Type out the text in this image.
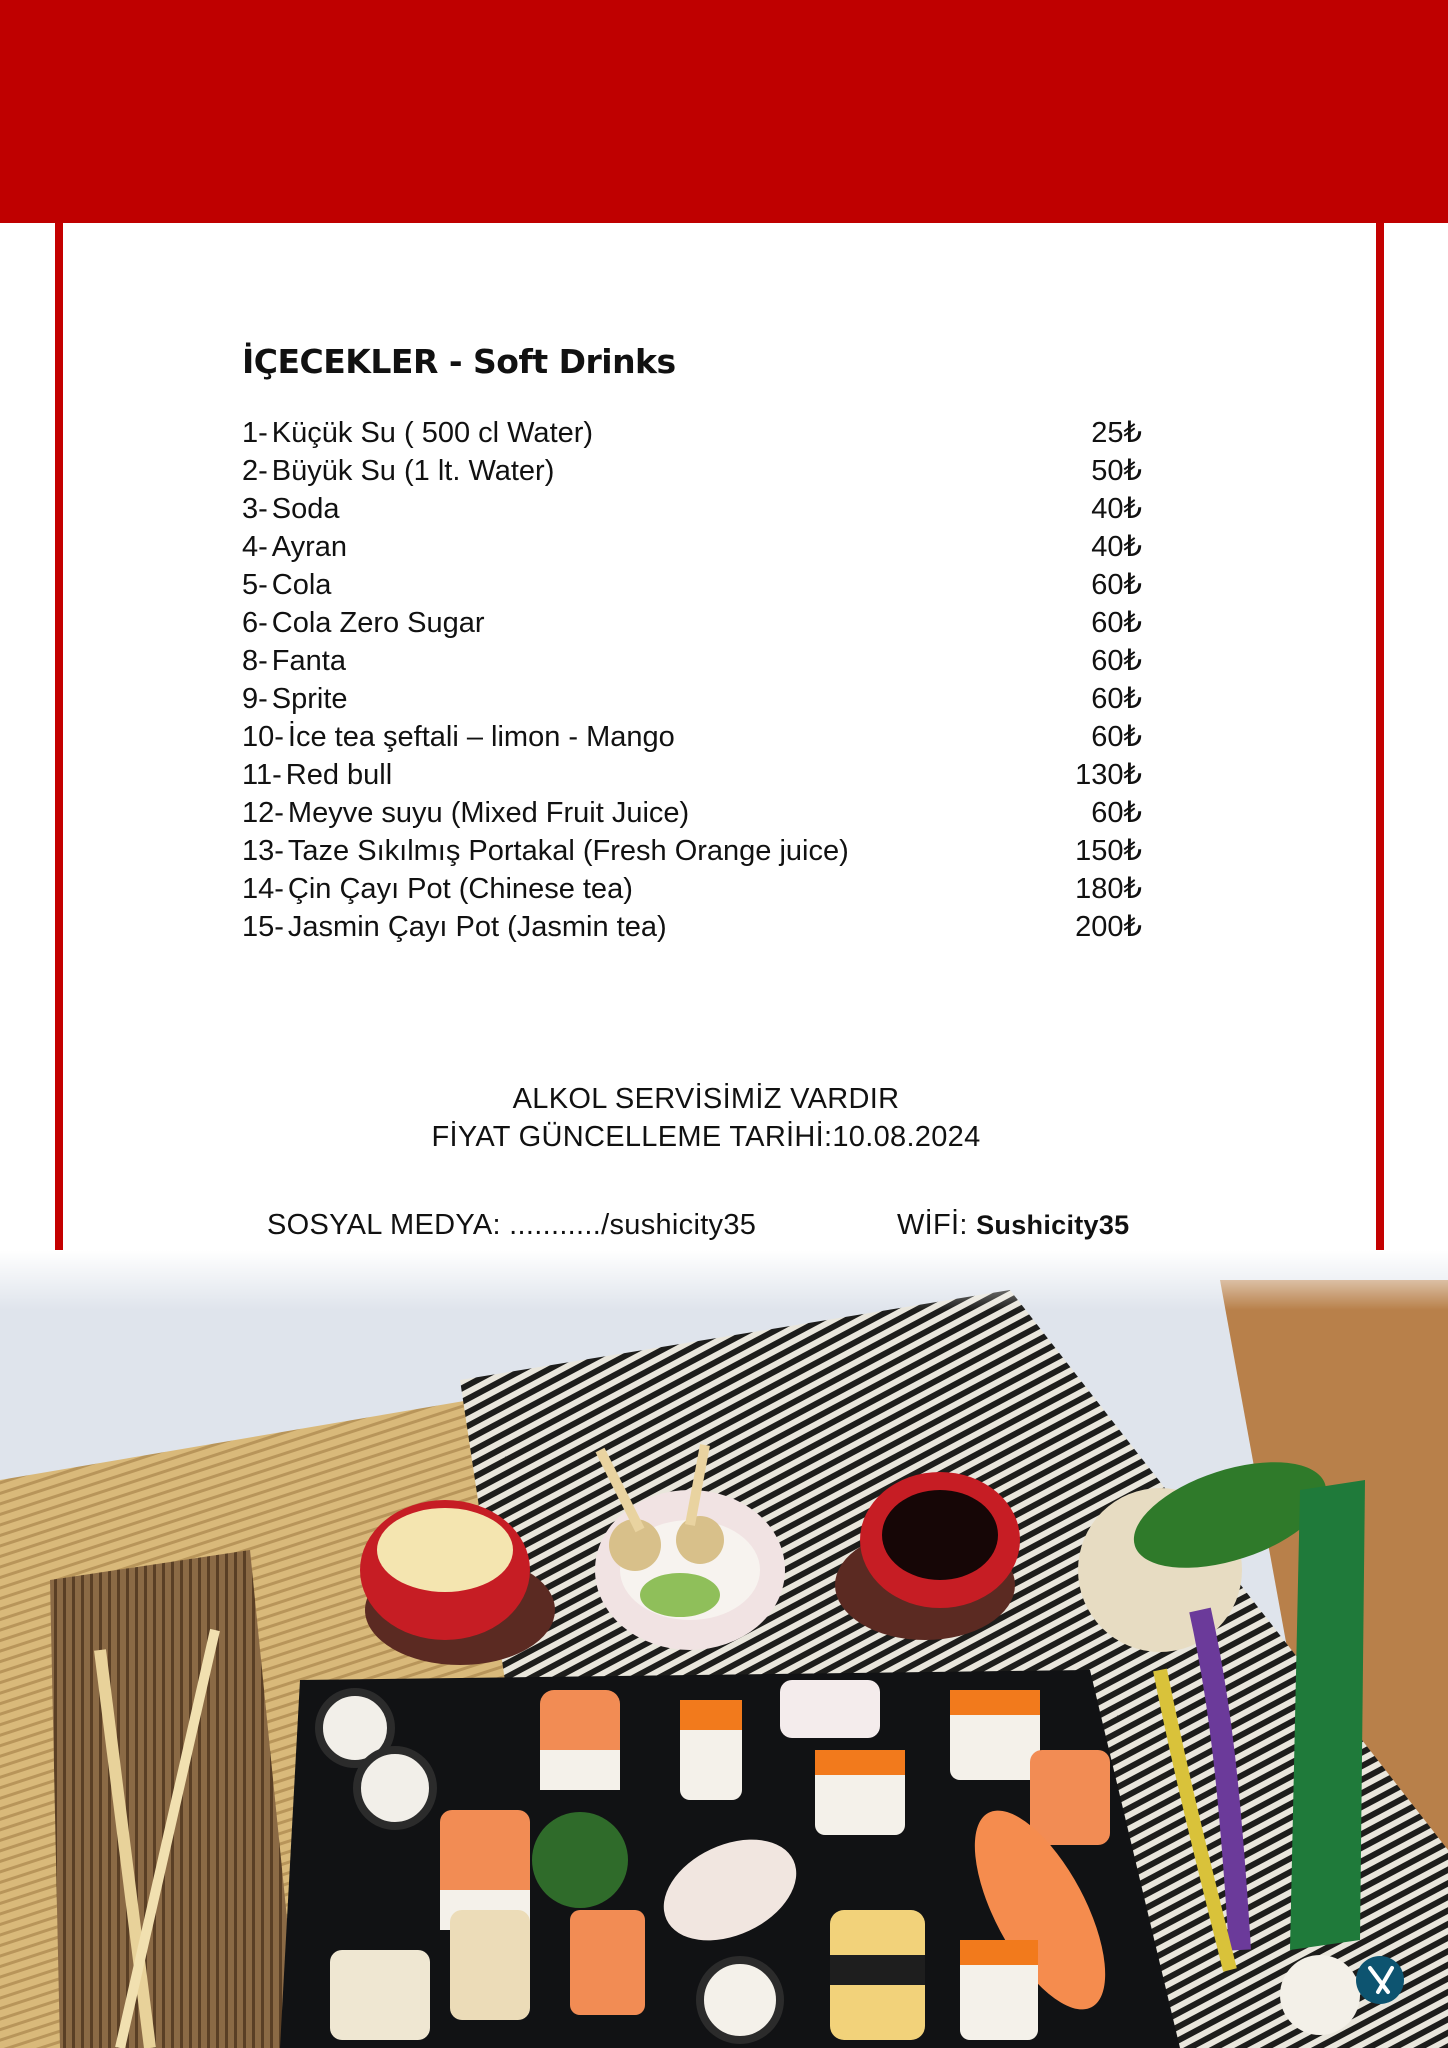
İÇECEKLER - Soft Drinks
1- Küçük Su ( 500 cl Water)	25₺
2- Büyük Su (1 lt. Water)	50₺
3- Soda	40₺
4- Ayran	40₺
5- Cola	60₺
6- Cola Zero Sugar	60₺
8- Fanta	60₺
9- Sprite	60₺
10- İce tea şeftali – limon - Mango	60₺
11- Red bull	130₺
12- Meyve suyu (Mixed Fruit Juice)	60₺
13- Taze Sıkılmış Portakal (Fresh Orange juice)	150₺
14- Çin Çayı Pot (Chinese tea)	180₺
15- Jasmin Çayı Pot (Jasmin tea)	200₺
ALKOL SERVİSİMİZ VARDIR
FİYAT GÜNCELLEME TARİHİ:10.08.2024
SOSYAL MEDYA: .........../sushicity35	WİFİ: Sushicity35
